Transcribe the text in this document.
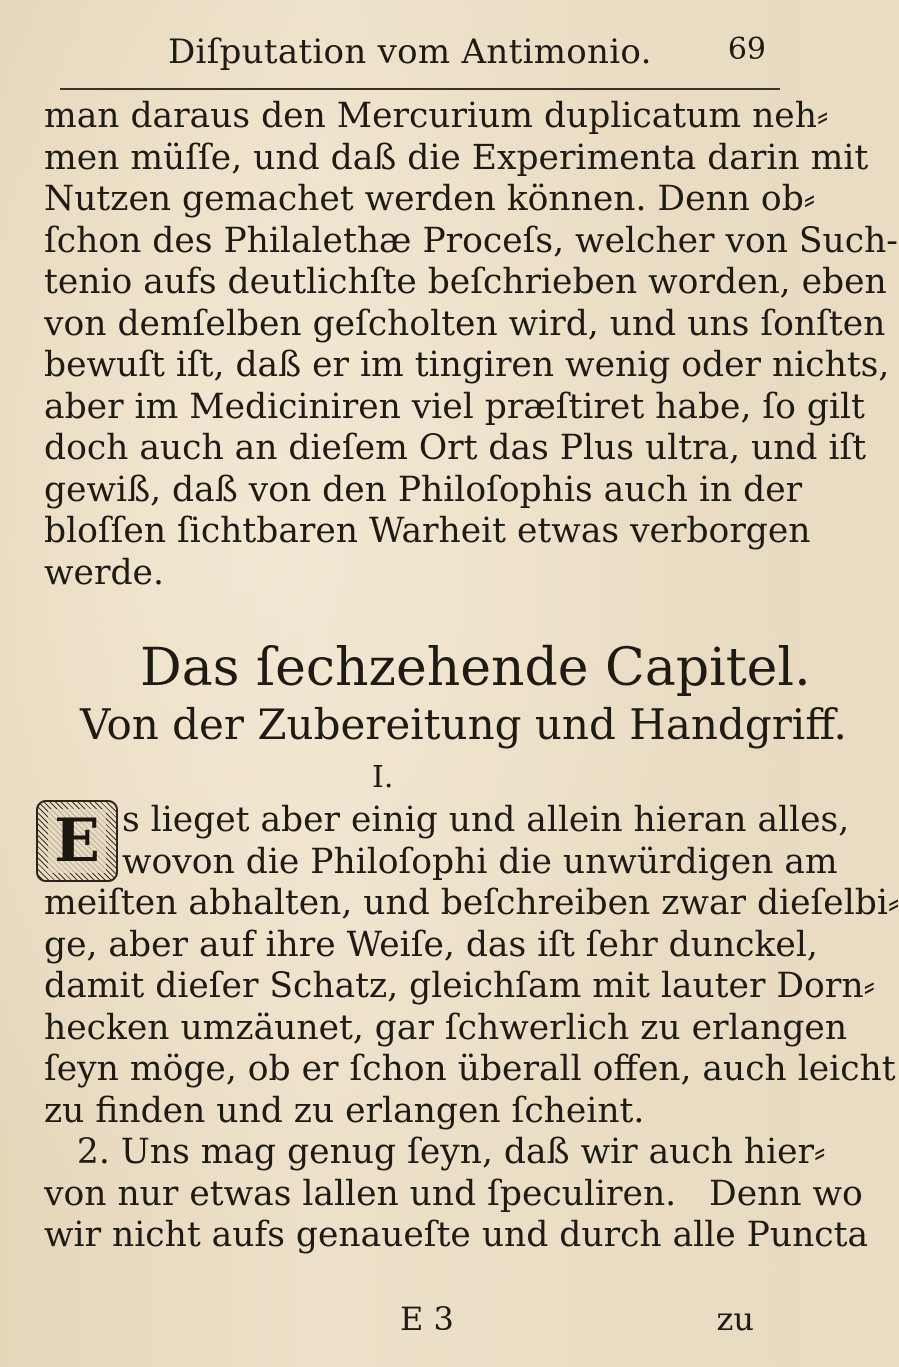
Diſputation vom Antimonio.	69
man daraus den Mercurium duplicatum neh⸗
men müſſe, und daß die Experimenta darin mit
Nutzen gemachet werden können. Denn ob⸗
ſchon des Philalethæ Proceſs, welcher von Such-
tenio aufs deutlichſte beſchrieben worden, eben
von demſelben geſcholten wird, und uns ſonſten
bewuſt iſt, daß er im tingiren wenig oder nichts,
aber im Mediciniren viel præſtiret habe, ſo gilt
doch auch an dieſem Ort das Plus ultra, und iſt
gewiß, daß von den Philoſophis auch in der
bloſſen ſichtbaren Warheit etwas verborgen
werde.
Das ſechzehende Capitel.
Von der Zubereitung und Handgriff.
I.
E s lieget aber einig und allein hieran alles,
wovon die Philoſophi die unwürdigen am
meiſten abhalten, und beſchreiben zwar dieſelbi⸗
ge, aber auf ihre Weiſe, das iſt ſehr dunckel,
damit dieſer Schatz, gleichſam mit lauter Dorn⸗
hecken umzäunet, gar ſchwerlich zu erlangen
ſeyn möge, ob er ſchon überall offen, auch leicht
zu finden und zu erlangen ſcheint.
2. Uns mag genug ſeyn, daß wir auch hier⸗
von nur etwas lallen und ſpeculiren.   Denn wo
wir nicht aufs genaueſte und durch alle Puncta
E 3	zu
